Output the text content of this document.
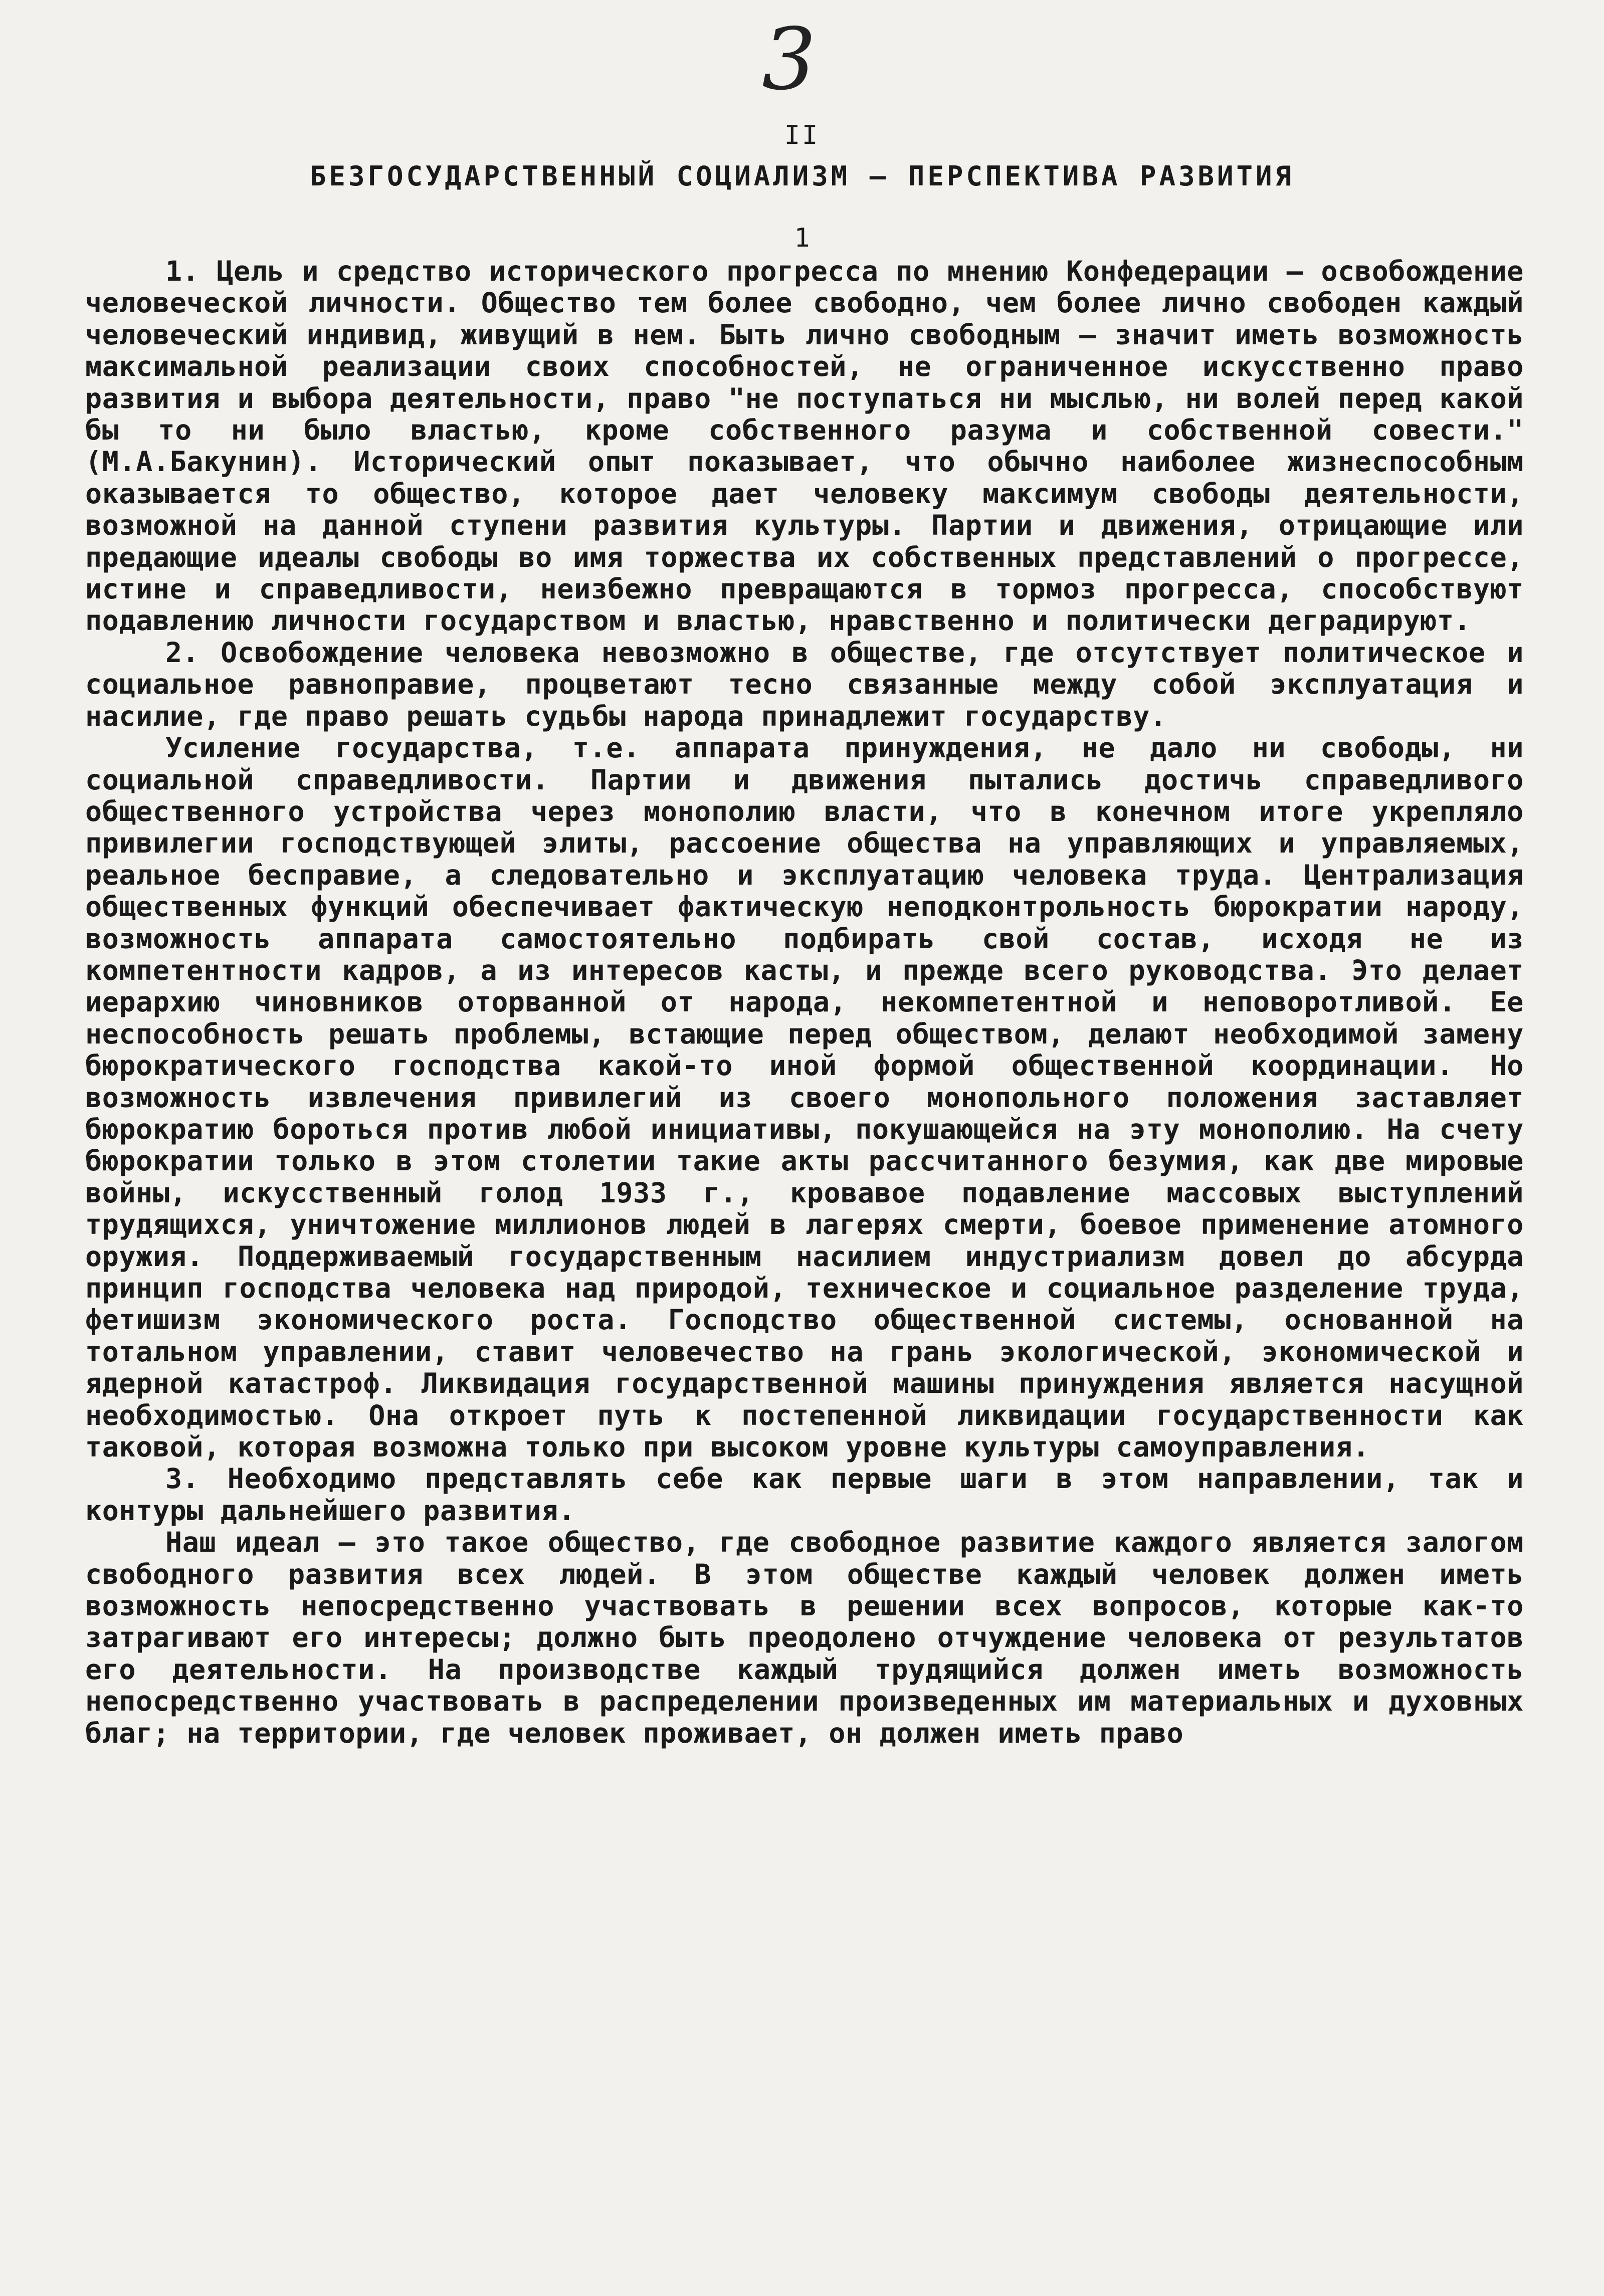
3
II
БЕЗГОСУДАРСТВЕННЫЙ СОЦИАЛИЗМ – ПЕРСПЕКТИВА РАЗВИТИЯ
1

1. Цель и средство исторического прогресса по мнению Конфедерации – освобождение человеческой личности. Общество тем более свободно, чем более лично свободен каждый человеческий индивид, живущий в нем. Быть лично свободным – значит иметь возможность максимальной реализации своих способностей, не ограниченное искусственно право развития и выбора деятельности, право "не поступаться ни мыслью, ни волей перед какой бы то ни было властью, кроме собственного разума и собственной совести." (М.А.Бакунин). Исторический опыт показывает, что обычно наиболее жизнеспособным оказывается то общество, которое дает человеку максимум свободы деятельности, возможной на данной ступени развития культуры. Партии и движения, отрицающие или предающие идеалы свободы во имя торжества их собственных представлений о прогрессе, истине и справедливости, неизбежно превращаются в тормоз прогресса, способствуют подавлению личности государством и властью, нравственно и политически деградируют.

2. Освобождение человека невозможно в обществе, где отсутствует политическое и социальное равноправие, процветают тесно связанные между собой эксплуатация и насилие, где право решать судьбы народа принадлежит государству.

Усиление государства, т.е. аппарата принуждения, не дало ни свободы, ни социальной справедливости. Партии и движения пытались достичь справедливого общественного устройства через монополию власти, что в конечном итоге укрепляло привилегии господствующей элиты, рассоение общества на управляющих и управляемых, реальное бесправие, а следовательно и эксплуатацию человека труда. Централизация общественных функций обеспечивает фактическую неподконтрольность бюрократии народу, возможность аппарата самостоятельно подбирать свой состав, исходя не из компетентности кадров, а из интересов касты, и прежде всего руководства. Это делает иерархию чиновников оторванной от народа, некомпетентной и неповоротливой. Ее неспособность решать проблемы, встающие перед обществом, делают необходимой замену бюрократического господства какой-то иной формой общественной координации. Но возможность извлечения привилегий из своего монопольного положения заставляет бюрократию бороться против любой инициативы, покушающейся на эту монополию. На счету бюрократии только в этом столетии такие акты рассчитанного безумия, как две мировые войны, искусственный голод 1933 г., кровавое подавление массовых выступлений трудящихся, уничтожение миллионов людей в лагерях смерти, боевое применение атомного оружия. Поддерживаемый государственным насилием индустриализм довел до абсурда принцип господства человека над природой, техническое и социальное разделение труда, фетишизм экономического роста. Господство общественной системы, основанной на тотальном управлении, ставит человечество на грань экологической, экономической и ядерной катастроф. Ликвидация государственной машины принуждения является насущной необходимостью. Она откроет путь к постепенной ликвидации государственности как таковой, которая возможна только при высоком уровне культуры самоуправления.

3. Необходимо представлять себе как первые шаги в этом направлении, так и контуры дальнейшего развития.

Наш идеал – это такое общество, где свободное развитие каждого является залогом свободного развития всех людей. В этом обществе каждый человек должен иметь возможность непосредственно участвовать в решении всех вопросов, которые как-то затрагивают его интересы; должно быть преодолено отчуждение человека от результатов его деятельности. На производстве каждый трудящийся должен иметь возможность непосредственно участвовать в распределении произведенных им материальных и духовных благ; на территории, где человек проживает, он должен иметь право
